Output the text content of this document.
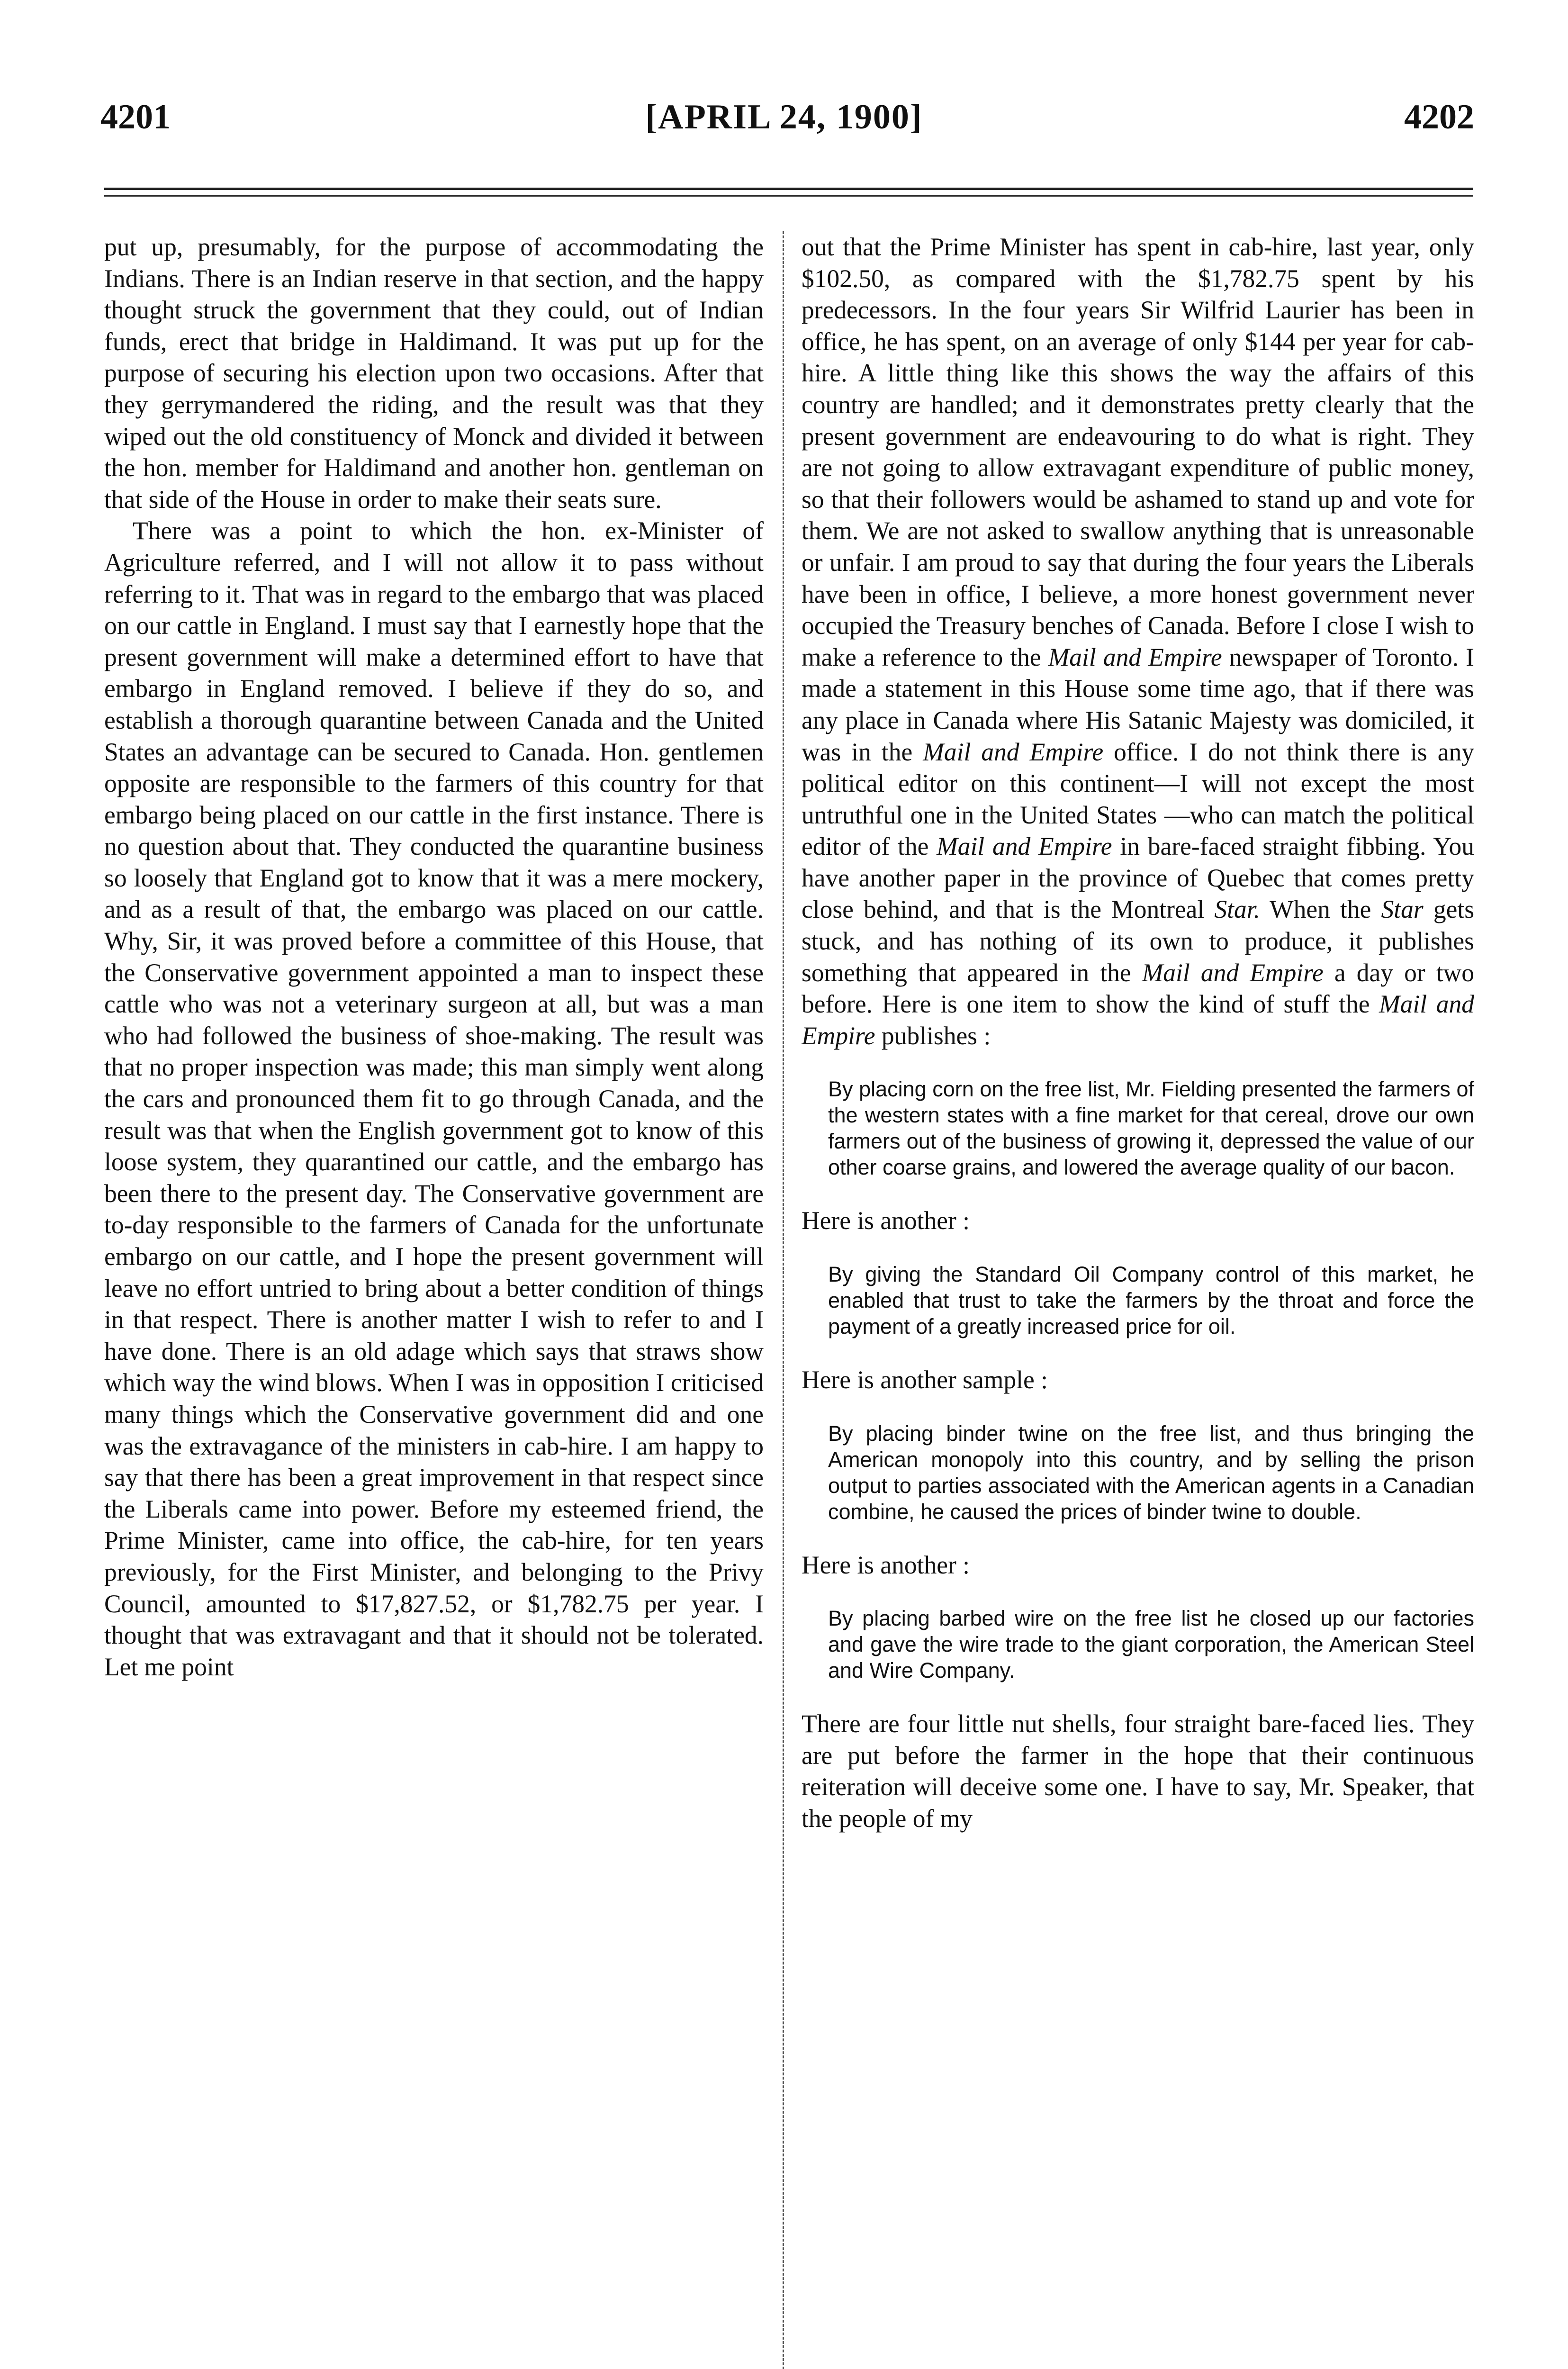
4201	[APRIL 24, 1900]	4202

put up, presumably, for the purpose of accommodating the Indians. There is an Indian reserve in that section, and the happy thought struck the government that they could, out of Indian funds, erect that bridge in Haldimand. It was put up for the purpose of securing his election upon two occasions. After that they gerrymandered the riding, and the result was that they wiped out the old constituency of Monck and divided it between the hon. member for Haldimand and another hon. gentleman on that side of the House in order to make their seats sure.

There was a point to which the hon. ex-Minister of Agriculture referred, and I will not allow it to pass without referring to it. That was in regard to the embargo that was placed on our cattle in England. I must say that I earnestly hope that the present government will make a determined effort to have that embargo in England removed. I believe if they do so, and establish a thorough quarantine between Canada and the United States an advantage can be secured to Canada. Hon. gentlemen opposite are responsible to the farmers of this country for that embargo being placed on our cattle in the first instance. There is no question about that. They conducted the quarantine business so loosely that England got to know that it was a mere mockery, and as a result of that, the embargo was placed on our cattle. Why, Sir, it was proved before a committee of this House, that the Conservative government appointed a man to inspect these cattle who was not a veterinary surgeon at all, but was a man who had followed the business of shoe-making. The result was that no proper inspection was made; this man simply went along the cars and pronounced them fit to go through Canada, and the result was that when the English government got to know of this loose system, they quarantined our cattle, and the embargo has been there to the present day. The Conservative government are to-day responsible to the farmers of Canada for the unfortunate embargo on our cattle, and I hope the present government will leave no effort untried to bring about a better condition of things in that respect. There is another matter I wish to refer to and I have done. There is an old adage which says that straws show which way the wind blows. When I was in opposition I criticised many things which the Conservative government did and one was the extravagance of the ministers in cab-hire. I am happy to say that there has been a great improvement in that respect since the Liberals came into power. Before my esteemed friend, the Prime Minister, came into office, the cab-hire, for ten years previously, for the First Minister, and belonging to the Privy Council, amounted to $17,827.52, or $1,782.75 per year. I thought that was extravagant and that it should not be tolerated. Let me point

out that the Prime Minister has spent in cab-hire, last year, only $102.50, as compared with the $1,782.75 spent by his predecessors. In the four years Sir Wilfrid Laurier has been in office, he has spent, on an average of only $144 per year for cab-hire. A little thing like this shows the way the affairs of this country are handled; and it demonstrates pretty clearly that the present government are endeavouring to do what is right. They are not going to allow extravagant expenditure of public money, so that their followers would be ashamed to stand up and vote for them. We are not asked to swallow anything that is unreasonable or unfair. I am proud to say that during the four years the Liberals have been in office, I believe, a more honest government never occupied the Treasury benches of Canada. Before I close I wish to make a reference to the Mail and Empire newspaper of Toronto. I made a statement in this House some time ago, that if there was any place in Canada where His Satanic Majesty was domiciled, it was in the Mail and Empire office. I do not think there is any political editor on this continent—I will not except the most untruthful one in the United States —who can match the political editor of the Mail and Empire in bare-faced straight fibbing. You have another paper in the province of Quebec that comes pretty close behind, and that is the Montreal Star. When the Star gets stuck, and has nothing of its own to produce, it publishes something that appeared in the Mail and Empire a day or two before. Here is one item to show the kind of stuff the Mail and Empire publishes :

By placing corn on the free list, Mr. Fielding presented the farmers of the western states with a fine market for that cereal, drove our own farmers out of the business of growing it, depressed the value of our other coarse grains, and lowered the average quality of our bacon.

Here is another :

By giving the Standard Oil Company control of this market, he enabled that trust to take the farmers by the throat and force the payment of a greatly increased price for oil.

Here is another sample :

By placing binder twine on the free list, and thus bringing the American monopoly into this country, and by selling the prison output to parties associated with the American agents in a Canadian combine, he caused the prices of binder twine to double.

Here is another :

By placing barbed wire on the free list he closed up our factories and gave the wire trade to the giant corporation, the American Steel and Wire Company.

There are four little nut shells, four straight bare-faced lies. They are put before the farmer in the hope that their continuous reiteration will deceive some one. I have to say, Mr. Speaker, that the people of my
